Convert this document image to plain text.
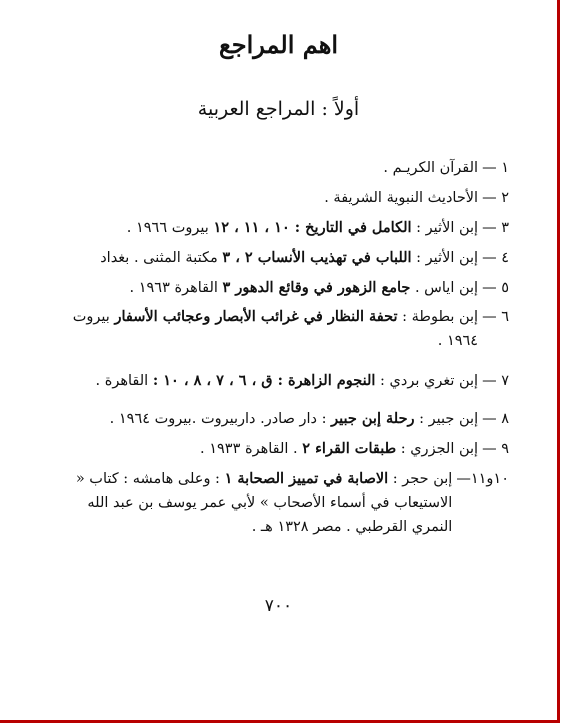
اهم المراجع
أولاً : المراجع العربية
١ —
القرآن الكريـم .
٢ —
الأحاديث النبوية الشريفة .
٣ —
إبن الأثير : الكامل في التاريخ : ١٠ ، ١١ ، ١٢ بيروت ١٩٦٦ .
٤ —
إبن الأثير : اللباب في تهذيب الأنساب ٢ ، ٣ مكتبة المثنى . بغداد
٥ —
إبن اياس . جامع الزهور في وقائع الدهور ٣ القاهرة ١٩٦٣ .
٦ —
إبن بطوطة : تحفة النظار في غرائب الأبصار وعجائب الأسفار بيروت ١٩٦٤ .
٧ —
إبن تغري بردي : النجوم الزاهرة : ق ، ٦ ، ٧ ، ٨ ، ١٠ : القاهرة .
٨ —
إبن جبير : رحلة إبن جبير : دار صادر. داربيروت .بيروت ١٩٦٤ .
٩ —
إبن الجزري : طبقات القراء ٢ . القاهرة ١٩٣٣ .
١٠و١١—
إبن حجر : الاصابة في تمييز الصحابة ١ : وعلى هامشه : كتاب « الاستيعاب في أسماء الأصحاب » لأبي عمر يوسف بن عبد الله النمري القرطبي . مصر ١٣٢٨ هـ .
٧٠٠
